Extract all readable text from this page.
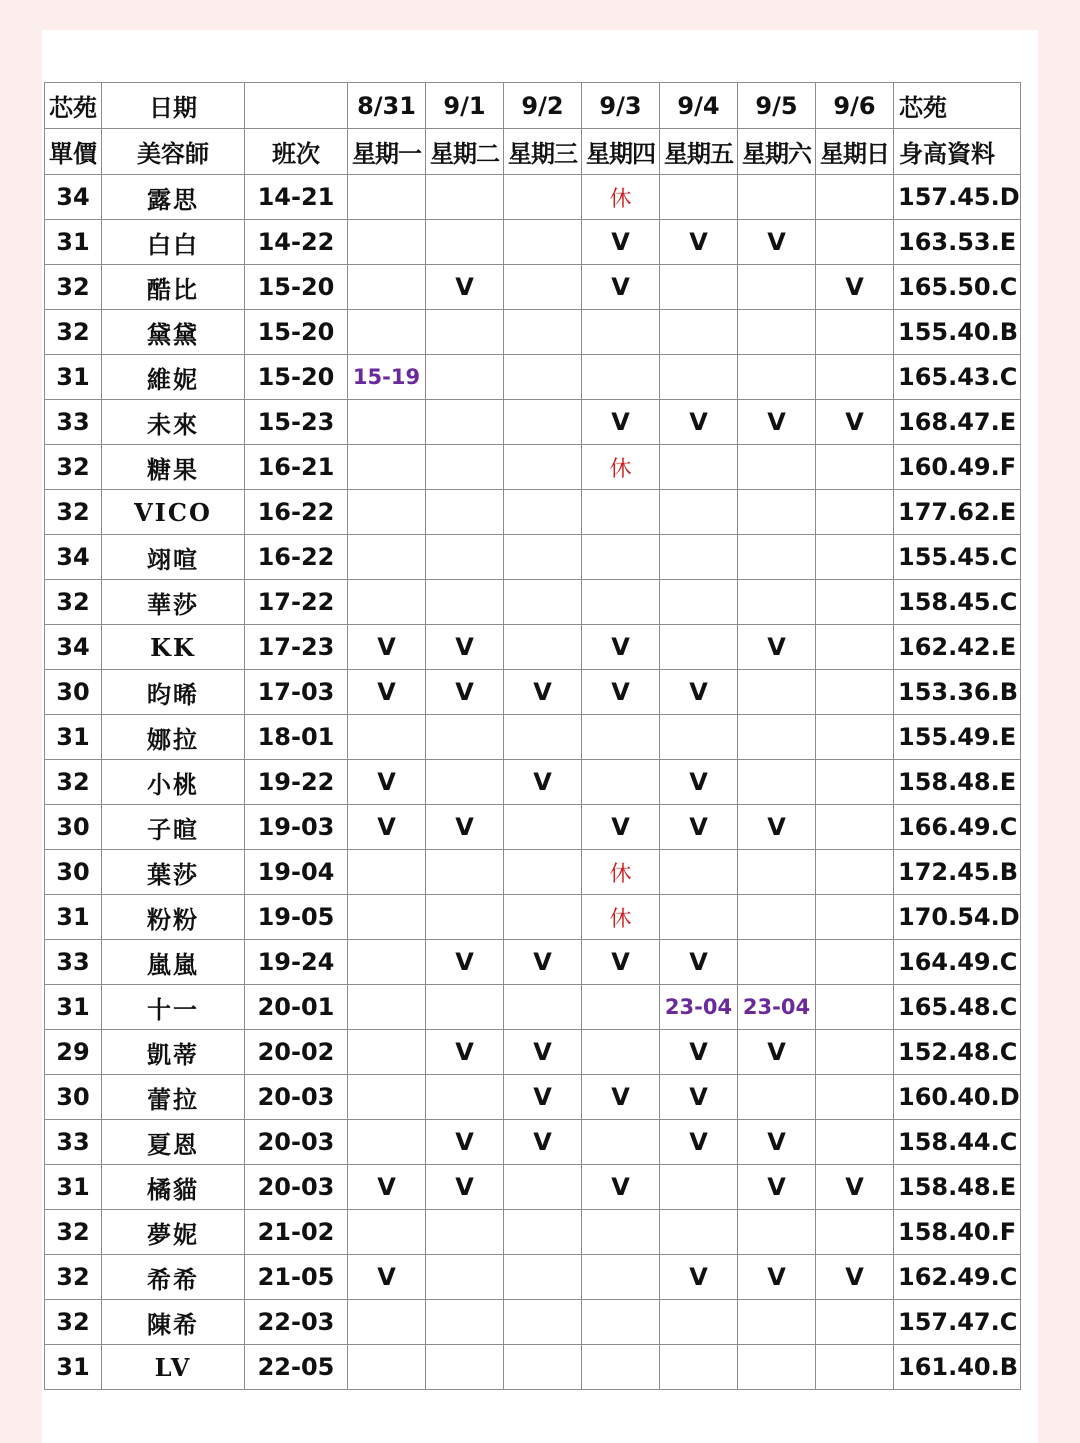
芯苑	日期		8/31	9/1	9/2	9/3	9/4	9/5	9/6	芯苑
單價	美容師	班次	星期一	星期二	星期三	星期四	星期五	星期六	星期日	身高資料
34	露思	14-21				休				157.45.D
31	白白	14-22				V	V	V		163.53.E
32	酷比	15-20		V		V			V	165.50.C
32	黛黛	15-20								155.40.B
31	維妮	15-20	15-19							165.43.C
33	未來	15-23				V	V	V	V	168.47.E
32	糖果	16-21				休				160.49.F
32	VICO	16-22								177.62.E
34	翊喧	16-22								155.45.C
32	華莎	17-22								158.45.C
34	KK	17-23	V	V		V		V		162.42.E
30	昀晞	17-03	V	V	V	V	V			153.36.B
31	娜拉	18-01								155.49.E
32	小桃	19-22	V		V		V			158.48.E
30	子暄	19-03	V	V		V	V	V		166.49.C
30	葉莎	19-04				休				172.45.B
31	粉粉	19-05				休				170.54.D
33	嵐嵐	19-24		V	V	V	V			164.49.C
31	十一	20-01					23-04	23-04		165.48.C
29	凱蒂	20-02		V	V		V	V		152.48.C
30	蕾拉	20-03			V	V	V			160.40.D
33	夏恩	20-03		V	V		V	V		158.44.C
31	橘貓	20-03	V	V		V		V	V	158.48.E
32	夢妮	21-02								158.40.F
32	希希	21-05	V				V	V	V	162.49.C
32	陳希	22-03								157.47.C
31	LV	22-05								161.40.B
